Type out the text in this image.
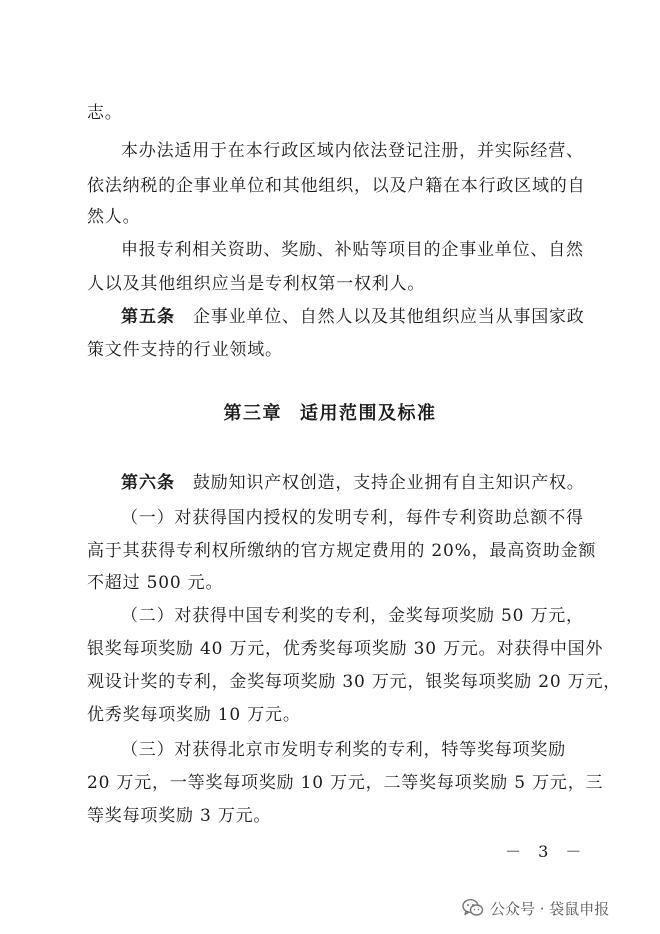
志。
本办法适用于在本行政区域内依法登记注册，并实际经营、
依法纳税的企事业单位和其他组织，以及户籍在本行政区域的自
然人。
申报专利相关资助、奖励、补贴等项目的企事业单位、自然
人以及其他组织应当是专利权第一权利人。
第五条 企事业单位、自然人以及其他组织应当从事国家政
策文件支持的行业领域。
第三章 适用范围及标准
第六条 鼓励知识产权创造，支持企业拥有自主知识产权。
（一）对获得国内授权的发明专利，每件专利资助总额不得
高于其获得专利权所缴纳的官方规定费用的 20%，最高资助金额
不超过 500 元。
（二）对获得中国专利奖的专利，金奖每项奖励 50 万元，
银奖每项奖励 40 万元，优秀奖每项奖励 30 万元。对获得中国外
观设计奖的专利，金奖每项奖励 30 万元，银奖每项奖励 20 万元，
优秀奖每项奖励 10 万元。
（三）对获得北京市发明专利奖的专利，特等奖每项奖励
20 万元，一等奖每项奖励 10 万元，二等奖每项奖励 5 万元，三
等奖每项奖励 3 万元。
－ 3 －
公众号 · 袋鼠申报
